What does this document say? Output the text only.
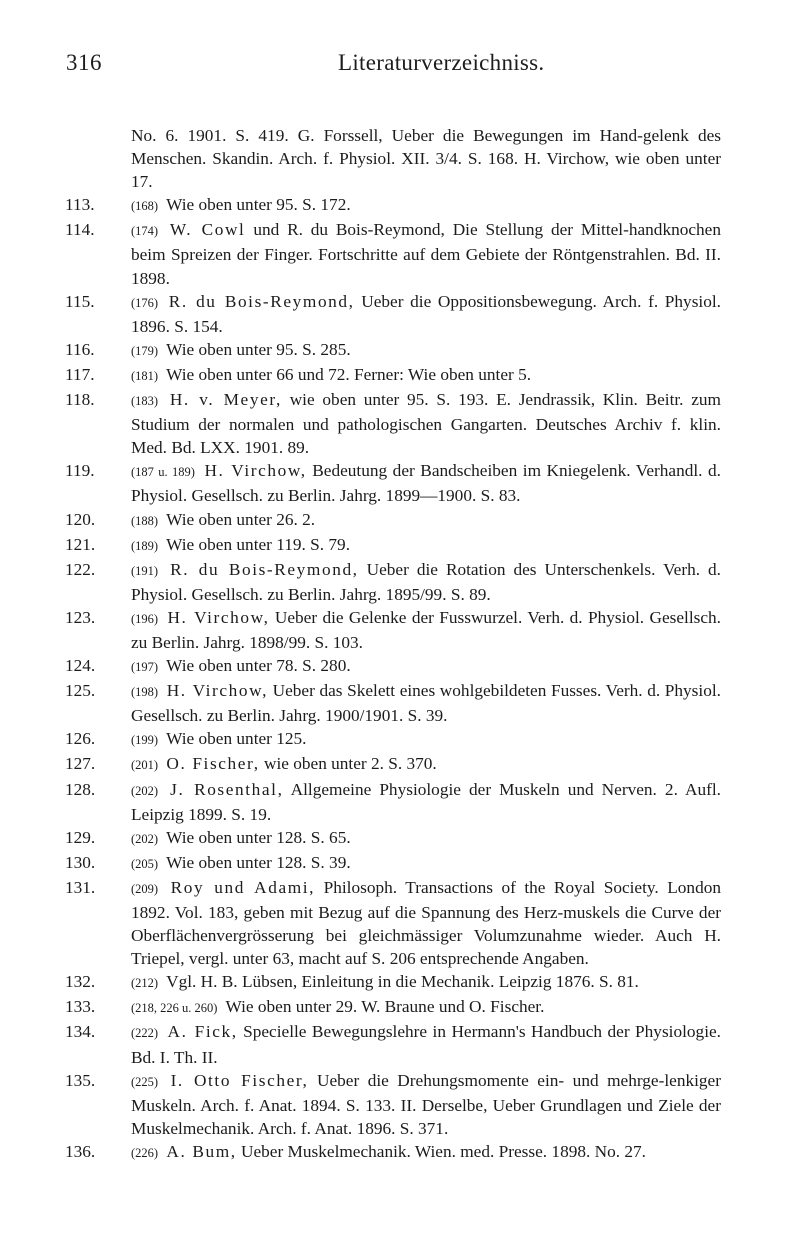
316	Literaturverzeichniss.
No. 6. 1901. S. 419. G. Forssell, Ueber die Bewegungen im Hand-gelenk des Menschen. Skandin. Arch. f. Physiol. XII. 3/4. S. 168. H. Virchow, wie oben unter 17.
113.	(168) Wie oben unter 95. S. 172.
114.	(174) W. Cowl und R. du Bois-Reymond, Die Stellung der Mittel-handknochen beim Spreizen der Finger. Fortschritte auf dem Gebiete der Röntgenstrahlen. Bd. II. 1898.
115.	(176) R. du Bois-Reymond, Ueber die Oppositionsbewegung. Arch. f. Physiol. 1896. S. 154.
116.	(179) Wie oben unter 95. S. 285.
117.	(181) Wie oben unter 66 und 72. Ferner: Wie oben unter 5.
118.	(183) H. v. Meyer, wie oben unter 95. S. 193. E. Jendrassik, Klin. Beitr. zum Studium der normalen und pathologischen Gangarten. Deutsches Archiv f. klin. Med. Bd. LXX. 1901. 89.
119.	(187 u. 189) H. Virchow, Bedeutung der Bandscheiben im Kniegelenk. Verhandl. d. Physiol. Gesellsch. zu Berlin. Jahrg. 1899—1900. S. 83.
120.	(188) Wie oben unter 26. 2.
121.	(189) Wie oben unter 119. S. 79.
122.	(191) R. du Bois-Reymond, Ueber die Rotation des Unterschenkels. Verh. d. Physiol. Gesellsch. zu Berlin. Jahrg. 1895/99. S. 89.
123.	(196) H. Virchow, Ueber die Gelenke der Fusswurzel. Verh. d. Physiol. Gesellsch. zu Berlin. Jahrg. 1898/99. S. 103.
124.	(197) Wie oben unter 78. S. 280.
125.	(198) H. Virchow, Ueber das Skelett eines wohlgebildeten Fusses. Verh. d. Physiol. Gesellsch. zu Berlin. Jahrg. 1900/1901. S. 39.
126.	(199) Wie oben unter 125.
127.	(201) O. Fischer, wie oben unter 2. S. 370.
128.	(202) J. Rosenthal, Allgemeine Physiologie der Muskeln und Nerven. 2. Aufl. Leipzig 1899. S. 19.
129.	(202) Wie oben unter 128. S. 65.
130.	(205) Wie oben unter 128. S. 39.
131.	(209) Roy und Adami, Philosoph. Transactions of the Royal Society. London 1892. Vol. 183, geben mit Bezug auf die Spannung des Herz-muskels die Curve der Oberflächenvergrösserung bei gleichmässiger Volumzunahme wieder. Auch H. Triepel, vergl. unter 63, macht auf S. 206 entsprechende Angaben.
132.	(212) Vgl. H. B. Lübsen, Einleitung in die Mechanik. Leipzig 1876. S. 81.
133.	(218, 226 u. 260) Wie oben unter 29. W. Braune und O. Fischer.
134.	(222) A. Fick, Specielle Bewegungslehre in Hermann's Handbuch der Physiologie. Bd. I. Th. II.
135.	(225) I. Otto Fischer, Ueber die Drehungsmomente ein- und mehrge-lenkiger Muskeln. Arch. f. Anat. 1894. S. 133. II. Derselbe, Ueber Grundlagen und Ziele der Muskelmechanik. Arch. f. Anat. 1896. S. 371.
136.	(226) A. Bum, Ueber Muskelmechanik. Wien. med. Presse. 1898. No. 27.
